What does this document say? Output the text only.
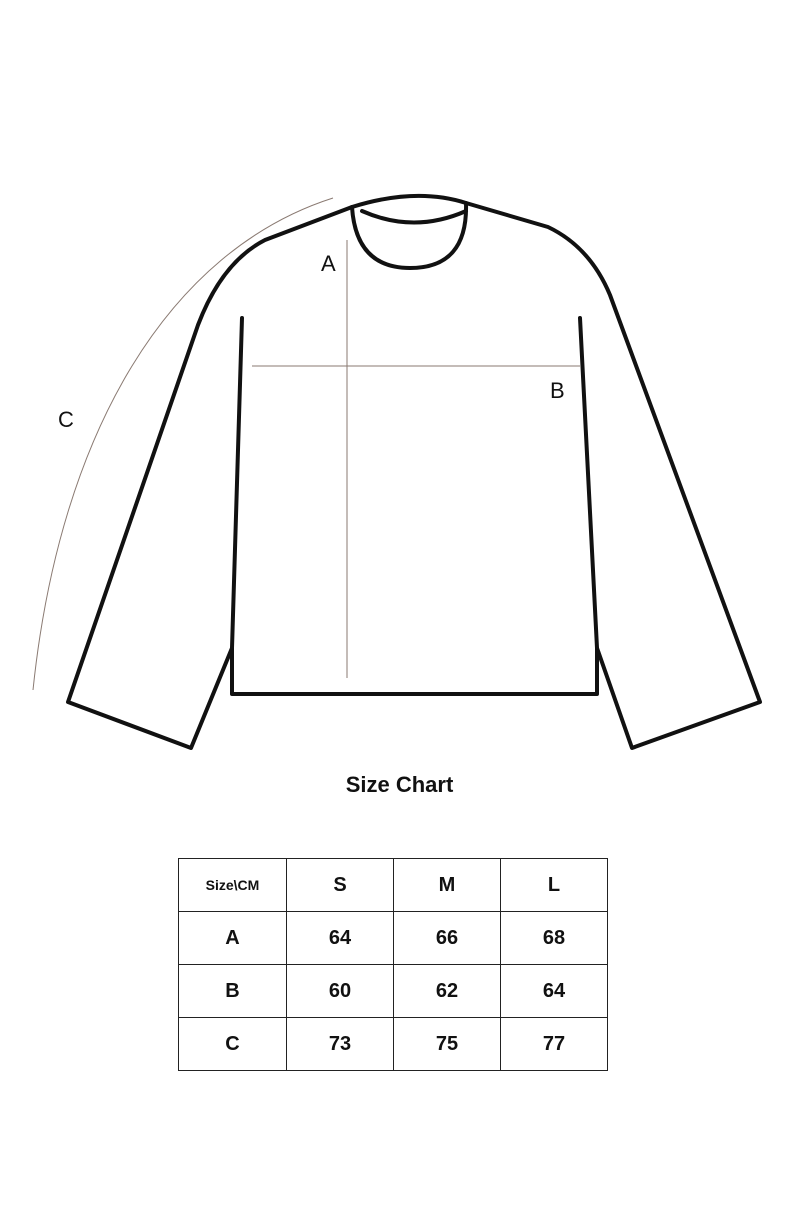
A
B
C
Size Chart
Size\CM	S	M	L
A	64	66	68
B	60	62	64
C	73	75	77
